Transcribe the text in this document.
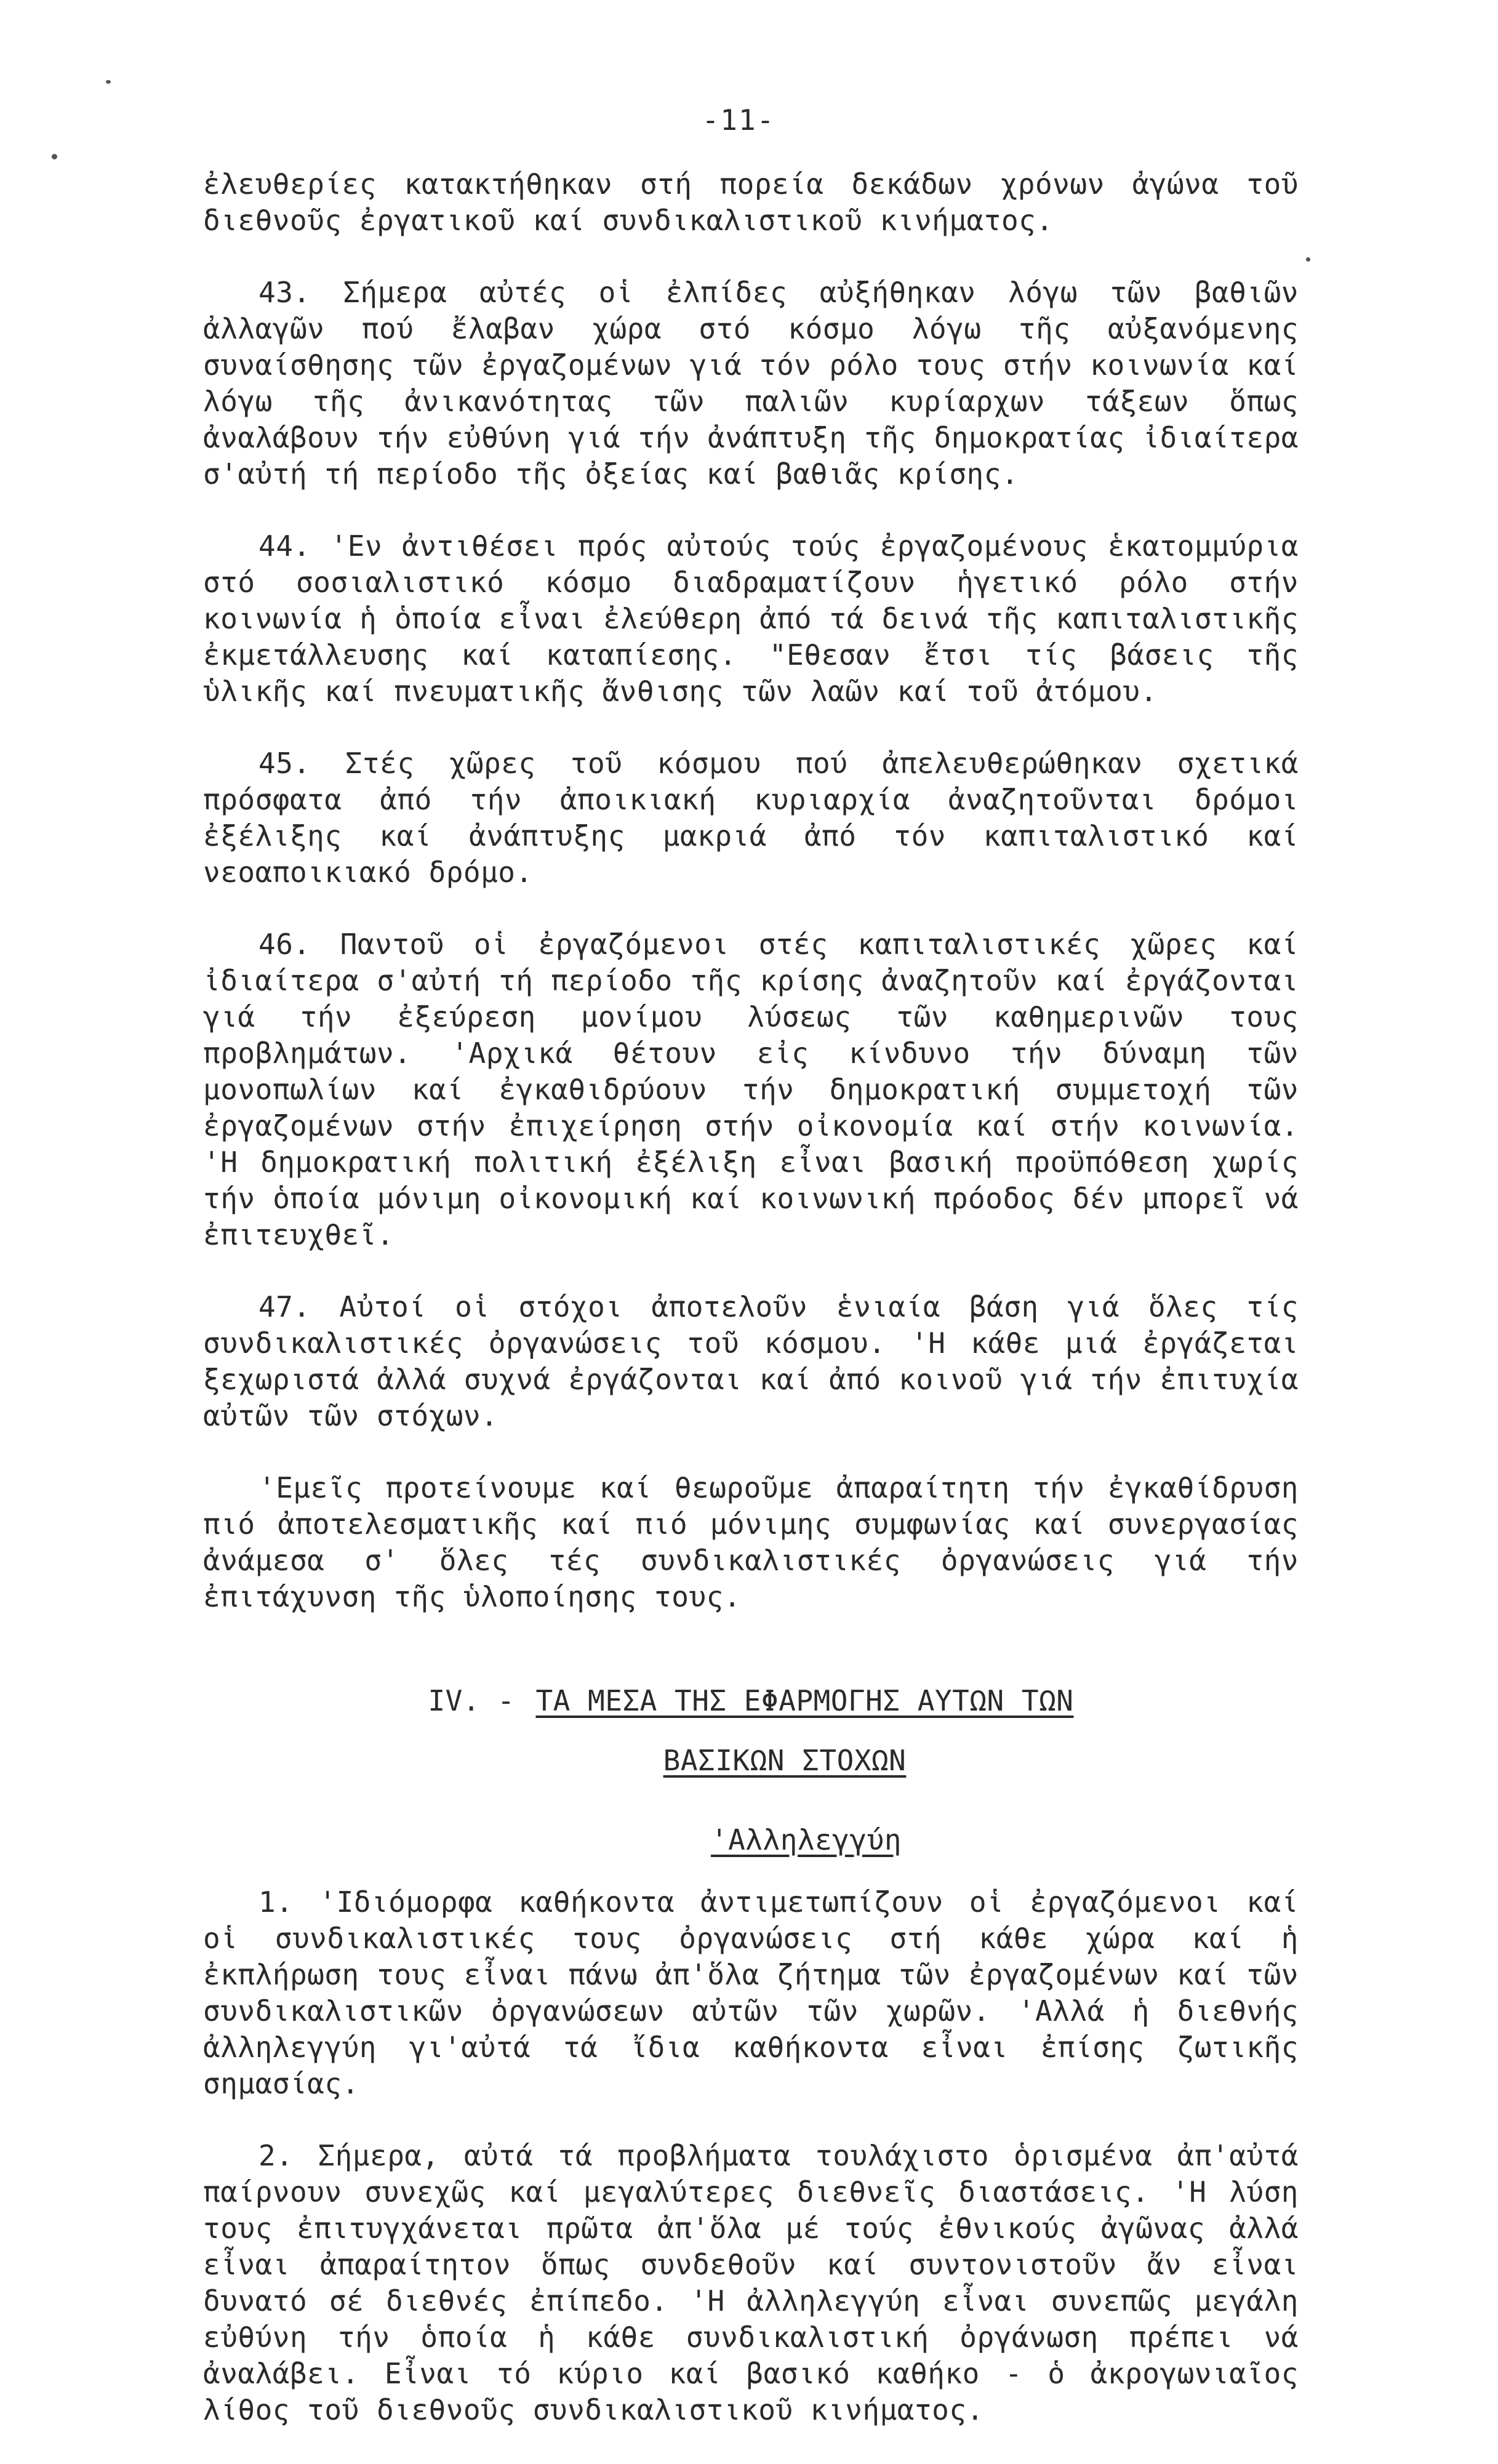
-11-

ἐλευθερίες κατακτήθηκαν στή πορεία δεκάδων χρόνων ἀγώνα τοῦ διεθνοῦς ἐργατικοῦ καί συνδικαλιστικοῦ κινήματος.

43. Σήμερα αὐτές οἱ ἐλπίδες αὐξήθηκαν λόγω τῶν βαθιῶν ἀλλαγῶν πού ἔλαβαν χώρα στό κόσμο λόγω τῆς αὐξανόμενης συναίσθησης τῶν ἐργαζομένων γιά τόν ρόλο τους στήν κοινωνία καί λόγω τῆς ἀνικανότητας τῶν παλιῶν κυρίαρχων τάξεων ὅπως ἀναλάβουν τήν εὐθύνη γιά τήν ἀνάπτυξη τῆς δημοκρατίας ἰδιαίτερα σ'αὐτή τή περίοδο τῆς ὀξείας καί βαθιᾶς κρίσης.

44. 'Εν ἀντιθέσει πρός αὐτούς τούς ἐργαζομένους ἑκατομμύρια στό σοσιαλιστικό κόσμο διαδραματίζουν ἡγετικό ρόλο στήν κοινωνία ἡ ὁποία εἶναι ἐλεύθερη ἀπό τά δεινά τῆς καπιταλιστικῆς ἐκμετάλλευσης καί καταπίεσης. "Εθεσαν ἔτσι τίς βάσεις τῆς ὑλικῆς καί πνευματικῆς ἄνθισης τῶν λαῶν καί τοῦ ἀτόμου.

45. Στές χῶρες τοῦ κόσμου πού ἀπελευθερώθηκαν σχετικά πρόσφατα ἀπό τήν ἀποικιακή κυριαρχία ἀναζητοῦνται δρόμοι ἐξέλιξης καί ἀνάπτυξης μακριά ἀπό τόν καπιταλιστικό καί νεοαποικιακό δρόμο.

46. Παντοῦ οἱ ἐργαζόμενοι στές καπιταλιστικές χῶρες καί ἰδιαίτερα σ'αὐτή τή περίοδο τῆς κρίσης ἀναζητοῦν καί ἐργάζονται γιά τήν ἐξεύρεση μονίμου λύσεως τῶν καθημερινῶν τους προβλημάτων. 'Αρχικά θέτουν εἰς κίνδυνο τήν δύναμη τῶν μονοπωλίων καί ἐγκαθιδρύουν τήν δημοκρατική συμμετοχή τῶν ἐργαζομένων στήν ἐπιχείρηση στήν οἰκονομία καί στήν κοινωνία. 'Η δημοκρατική πολιτική ἐξέλιξη εἶναι βασική προϋπόθεση χωρίς τήν ὁποία μόνιμη οἰκονομική καί κοινωνική πρόοδος δέν μπορεῖ νά ἐπιτευχθεῖ.

47. Αὐτοί οἱ στόχοι ἀποτελοῦν ἑνιαία βάση γιά ὅλες τίς συνδικαλιστικές ὀργανώσεις τοῦ κόσμου. 'Η κάθε μιά ἐργάζεται ξεχωριστά ἀλλά συχνά ἐργάζονται καί ἀπό κοινοῦ γιά τήν ἐπιτυχία αὐτῶν τῶν στόχων.

'Εμεῖς προτείνουμε καί θεωροῦμε ἀπαραίτητη τήν ἐγκαθίδρυση πιό ἀποτελεσματικῆς καί πιό μόνιμης συμφωνίας καί συνεργασίας ἀνάμεσα σ' ὅλες τές συνδικαλιστικές ὀργανώσεις γιά τήν ἐπιτάχυνση τῆς ὑλοποίησης τους.

IV. - ΤΑ ΜΕΣΑ ΤΗΣ ΕΦΑΡΜΟΓΗΣ ΑΥΤΩΝ ΤΩΝ
ΒΑΣΙΚΩΝ ΣΤΟΧΩΝ
'Αλληλεγγύη

1. 'Ιδιόμορφα καθήκοντα ἀντιμετωπίζουν οἱ ἐργαζόμενοι καί οἱ συνδικαλιστικές τους ὀργανώσεις στή κάθε χώρα καί ἡ ἐκπλήρωση τους εἶναι πάνω ἀπ'ὅλα ζήτημα τῶν ἐργαζομένων καί τῶν συνδικαλιστικῶν ὀργανώσεων αὐτῶν τῶν χωρῶν. 'Αλλά ἡ διεθνής ἀλληλεγγύη γι'αὐτά τά ἴδια καθήκοντα εἶναι ἐπίσης ζωτικῆς σημασίας.

2. Σήμερα, αὐτά τά προβλήματα τουλάχιστο ὁρισμένα ἀπ'αὐτά παίρνουν συνεχῶς καί μεγαλύτερες διεθνεῖς διαστάσεις. 'Η λύση τους ἐπιτυγχάνεται πρῶτα ἀπ'ὅλα μέ τούς ἐθνικούς ἀγῶνας ἀλλά εἶναι ἀπαραίτητον ὅπως συνδεθοῦν καί συντονιστοῦν ἄν εἶναι δυνατό σέ διεθνές ἐπίπεδο. 'Η ἀλληλεγγύη εἶναι συνεπῶς μεγάλη εὐθύνη τήν ὁποία ἡ κάθε συνδικαλιστική ὀργάνωση πρέπει νά ἀναλάβει. Εἶναι τό κύριο καί βασικό καθήκο - ὁ ἀκρογωνιαῖος λίθος τοῦ διεθνοῦς συνδικαλιστικοῦ κινήματος.
